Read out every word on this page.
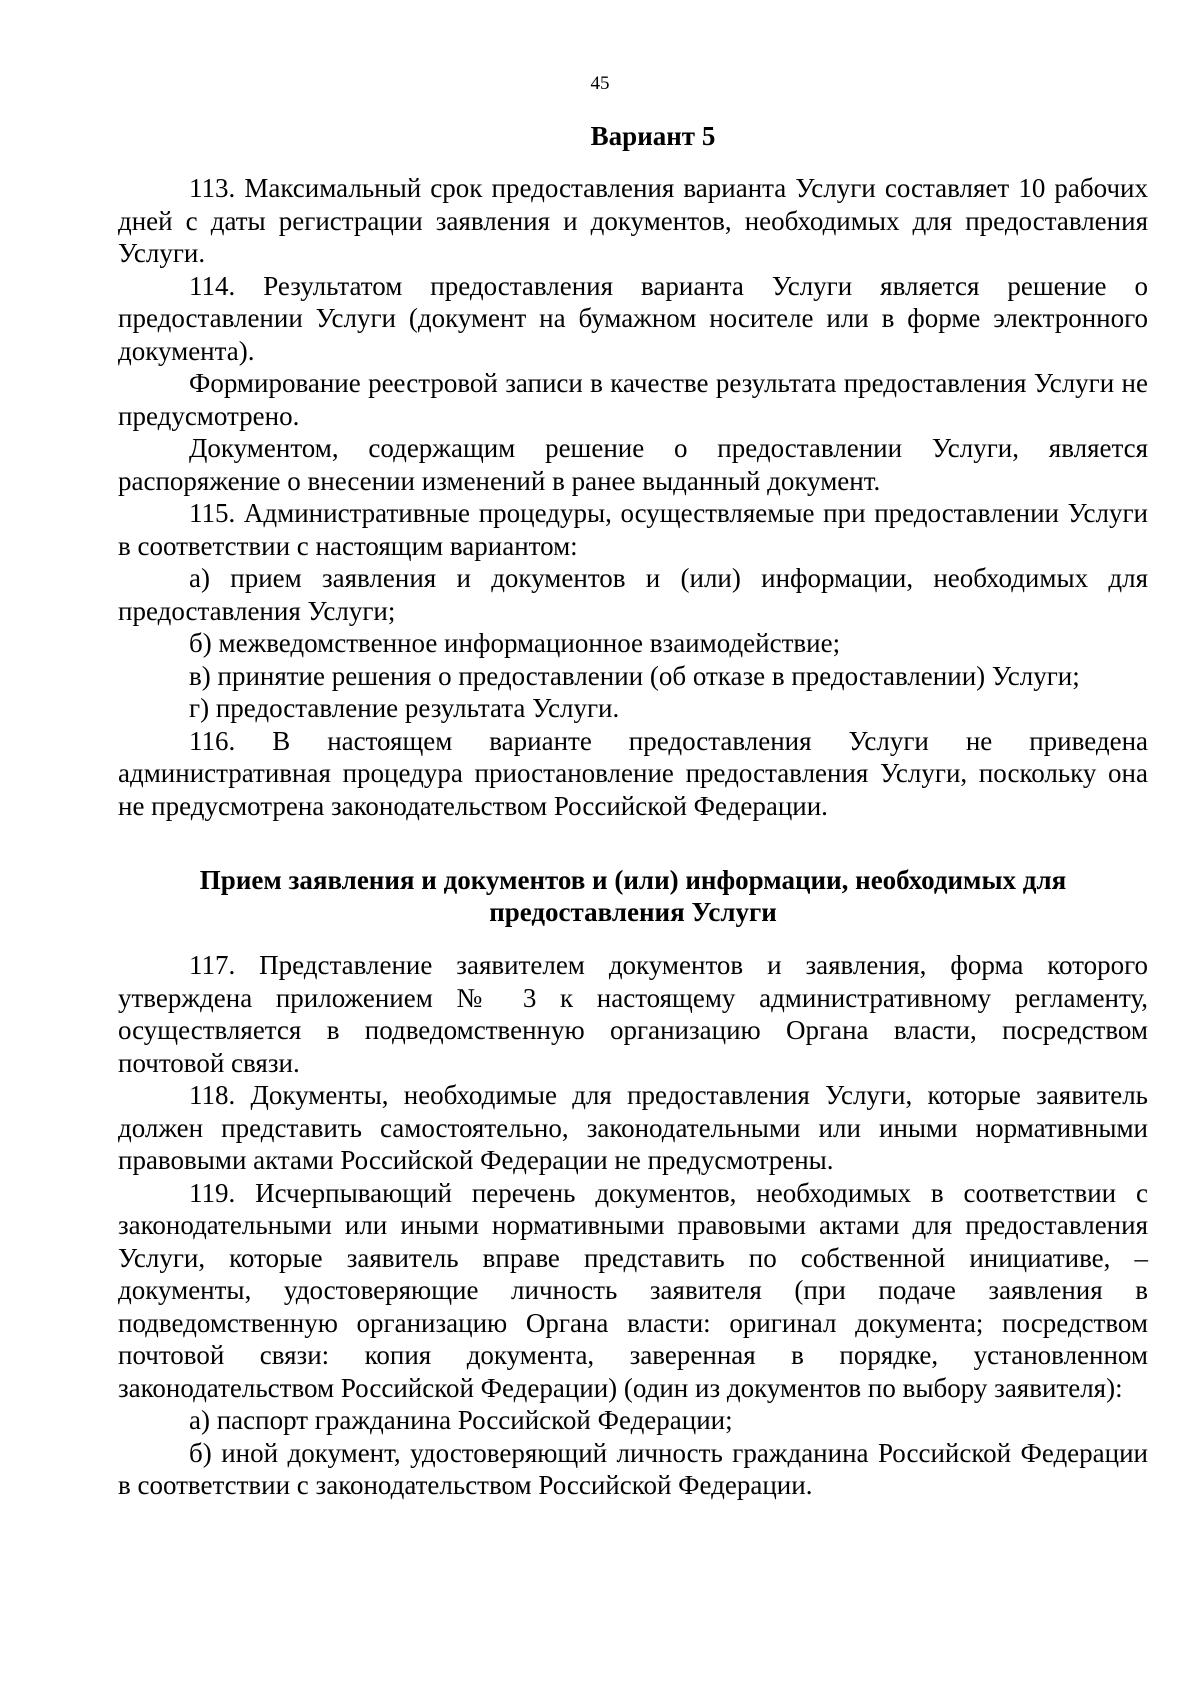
45
Вариант 5

113. Максимальный срок предоставления варианта Услуги составляет 10 рабочих дней с даты регистрации заявления и документов, необходимых для предоставления Услуги.

114. Результатом предоставления варианта Услуги является решение о предоставлении Услуги (документ на бумажном носителе или в форме электронного документа).

Формирование реестровой записи в качестве результата предоставления Услуги не предусмотрено.

Документом, содержащим решение о предоставлении Услуги, является распоряжение о внесении изменений в ранее выданный документ.

115. Административные процедуры, осуществляемые при предоставлении Услуги в соответствии с настоящим вариантом:

а) прием заявления и документов и (или) информации, необходимых для предоставления Услуги;

б) межведомственное информационное взаимодействие;

в) принятие решения о предоставлении (об отказе в предоставлении) Услуги;

г) предоставление результата Услуги.

116. В настоящем варианте предоставления Услуги не приведена административная процедура приостановление предоставления Услуги, поскольку она не предусмотрена законодательством Российской Федерации.

Прием заявления и документов и (или) информации, необходимых для предоставления Услуги

117. Представление заявителем документов и заявления, форма которого утверждена приложением № 3 к настоящему административному регламенту, осуществляется в подведомственную организацию Органа власти, посредством почтовой связи.

118. Документы, необходимые для предоставления Услуги, которые заявитель должен представить самостоятельно, законодательными или иными нормативными правовыми актами Российской Федерации не предусмотрены.

119. Исчерпывающий перечень документов, необходимых в соответствии с законодательными или иными нормативными правовыми актами для предоставления Услуги, которые заявитель вправе представить по собственной инициативе, – документы, удостоверяющие личность заявителя (при подаче заявления в подведомственную организацию Органа власти: оригинал документа; посредством почтовой связи: копия документа, заверенная в порядке, установленном законодательством Российской Федерации) (один из документов по выбору заявителя):

а) паспорт гражданина Российской Федерации;

б) иной документ, удостоверяющий личность гражданина Российской Федерации в соответствии с законодательством Российской Федерации.
